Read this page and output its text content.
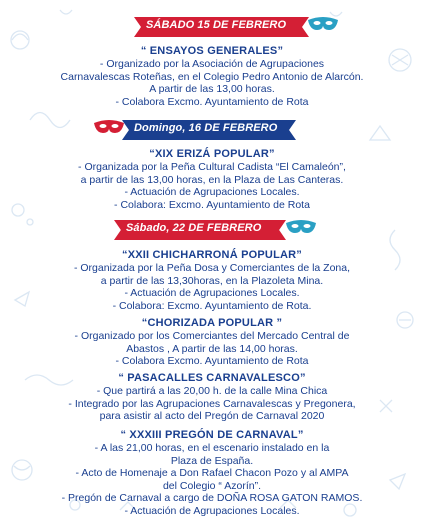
SÁBADO 15 DE FEBRERO
“ ENSAYOS GENERALES”
- Organizado por la Asociación de Agrupaciones
Carnavalescas Roteñas, en el Colegio Pedro Antonio de Alarcón.
A partir de las 13,00 horas.
- Colabora Excmo. Ayuntamiento de Rota
Domingo, 16 DE FEBRERO
“XIX ERIZÁ POPULAR”
- Organizada por la Peña Cultural Cadista “El Camaleón”,
a partir de las 13,00 horas, en la Plaza de Las Canteras.
- Actuación de Agrupaciones Locales.
- Colabora: Excmo. Ayuntamiento de Rota
Sábado, 22 DE FEBRERO
“XXII CHICHARRONÁ POPULAR”
- Organizada por la Peña Dosa y Comerciantes de la Zona,
a partir de las 13,30horas, en la Plazoleta Mina.
- Actuación de Agrupaciones Locales.
- Colabora: Excmo. Ayuntamiento de Rota.
“CHORIZADA POPULAR ”
- Organizado por los Comerciantes del Mercado Central de
Abastos , A partir de las 14,00 horas.
- Colabora Excmo. Ayuntamiento de Rota
“ PASACALLES CARNAVALESCO”
- Que partirá a las 20,00 h. de la calle Mina Chica
- Integrado por las Agrupaciones Carnavalescas y Pregonera,
para asistir al acto del Pregón de Carnaval 2020
“ XXXIII PREGÓN DE CARNAVAL”
- A las 21,00 horas, en el escenario instalado en la
Plaza de España.
- Acto de Homenaje a Don Rafael Chacon Pozo y al AMPA
del Colegio “ Azorín”.
- Pregón de Carnaval a cargo de DOÑA ROSA GATON RAMOS.
- Actuación de Agrupaciones Locales.
